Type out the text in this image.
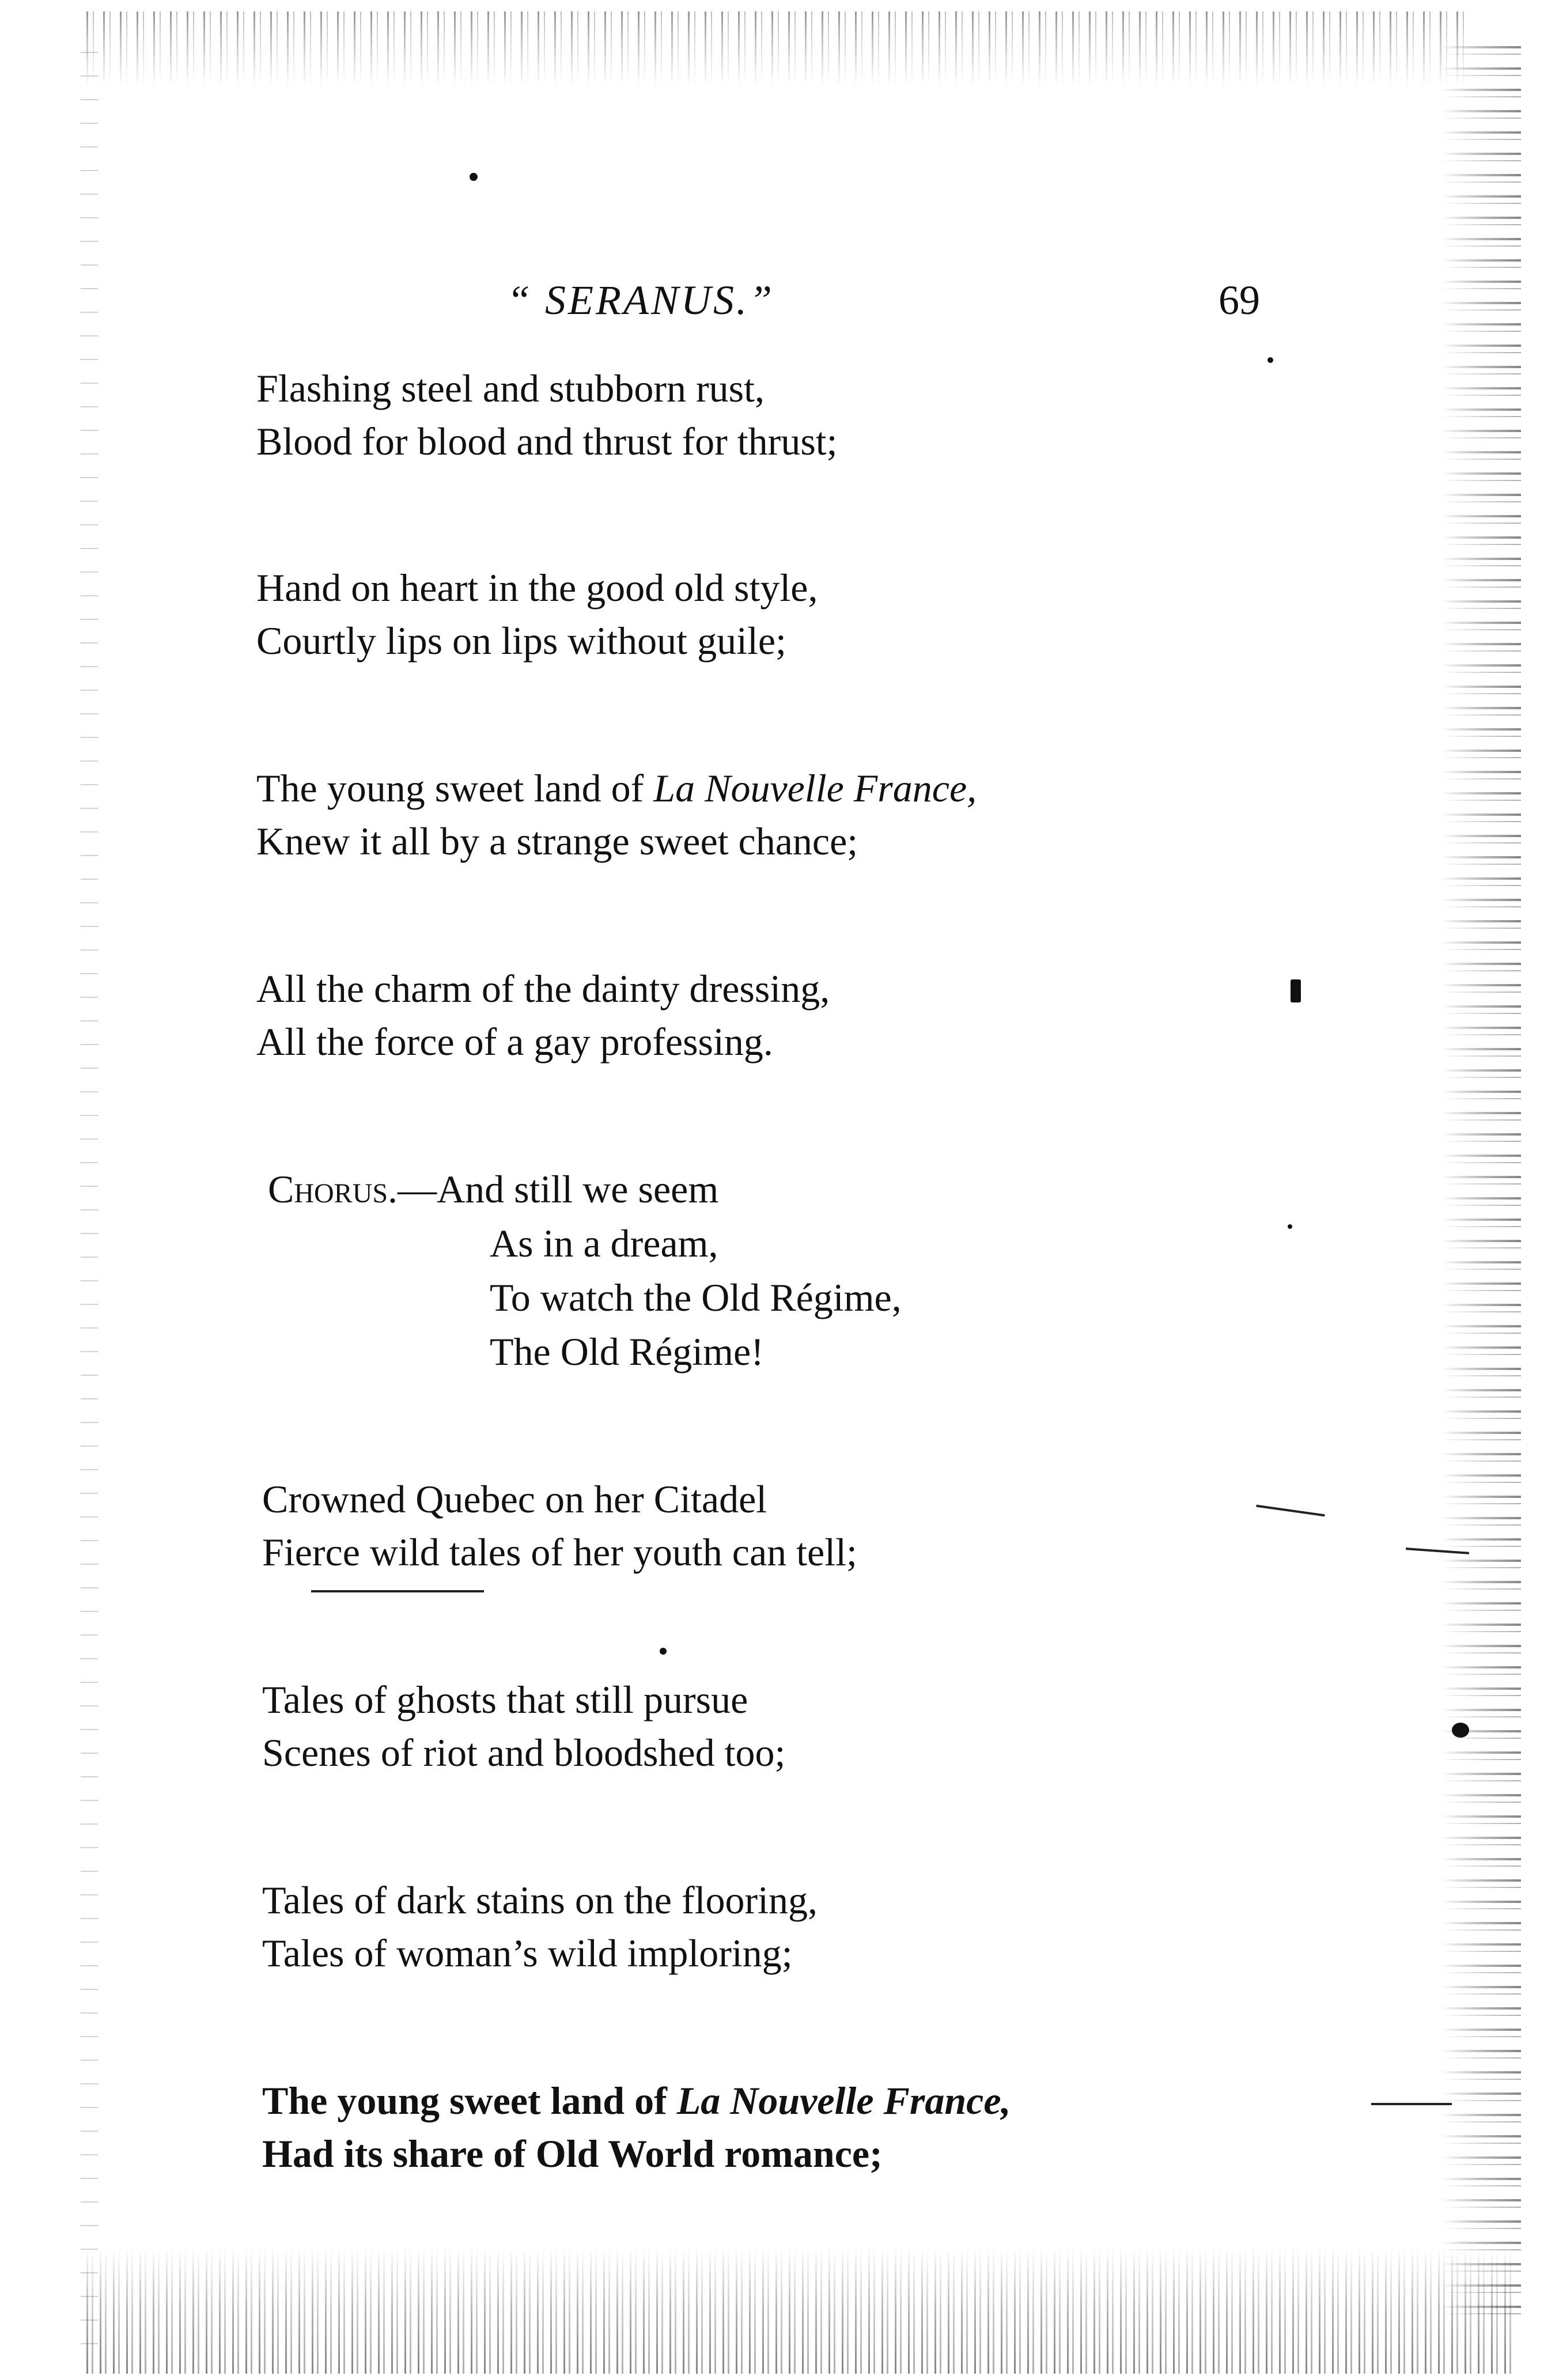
“ SERANUS.”	69
Flashing steel and stubborn rust,
Blood for blood and thrust for thrust;
Hand on heart in the good old style,
Courtly lips on lips without guile;
The young sweet land of La Nouvelle France,
Knew it all by a strange sweet chance;
All the charm of the dainty dressing,
All the force of a gay professing.
Chorus.—And still we seem
As in a dream,
To watch the Old Régime,
The Old Régime!
Crowned Quebec on her Citadel
Fierce wild tales of her youth can tell;
Tales of ghosts that still pursue
Scenes of riot and bloodshed too;
Tales of dark stains on the flooring,
Tales of woman’s wild imploring;
The young sweet land of La Nouvelle France,
Had its share of Old World romance;
